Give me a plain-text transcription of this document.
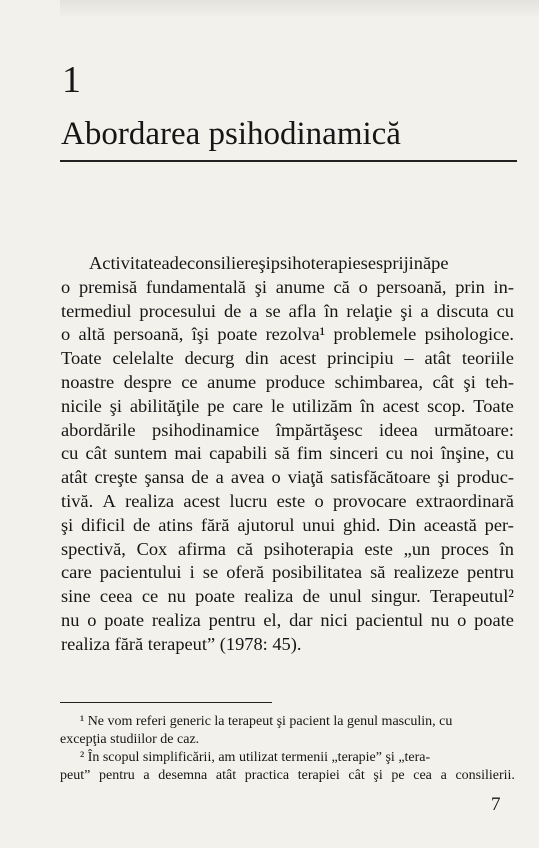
1
Abordarea psihodinamică
Activitateadeconsiliereşipsihoterapiesesprijinăpe
o premisă fundamentală şi anume că o persoană, prin in-
termediul procesului de a se afla în relaţie şi a discuta cu
o altă persoană, îşi poate rezolva¹ problemele psihologice.
Toate celelalte decurg din acest principiu – atât teoriile
noastre despre ce anume produce schimbarea, cât şi teh-
nicile şi abilităţile pe care le utilizăm în acest scop. Toate
abordările psihodinamice împărtăşesc ideea următoare:
cu cât suntem mai capabili să fim sinceri cu noi înşine, cu
atât creşte şansa de a avea o viaţă satisfăcătoare şi produc-
tivă. A realiza acest lucru este o provocare extraordinară
şi dificil de atins fără ajutorul unui ghid. Din această per-
spectivă, Cox afirma că psihoterapia este „un proces în
care pacientului i se oferă posibilitatea să realizeze pentru
sine ceea ce nu poate realiza de unul singur. Terapeutul²
nu o poate realiza pentru el, dar nici pacientul nu o poate
realiza fără terapeut” (1978: 45).
¹ Ne vom referi generic la terapeut şi pacient la genul masculin, cu
excepţia studiilor de caz.
² În scopul simplificării, am utilizat termenii „terapie” şi „tera-
peut” pentru a desemna atât practica terapiei cât şi pe cea a consilierii.
7
